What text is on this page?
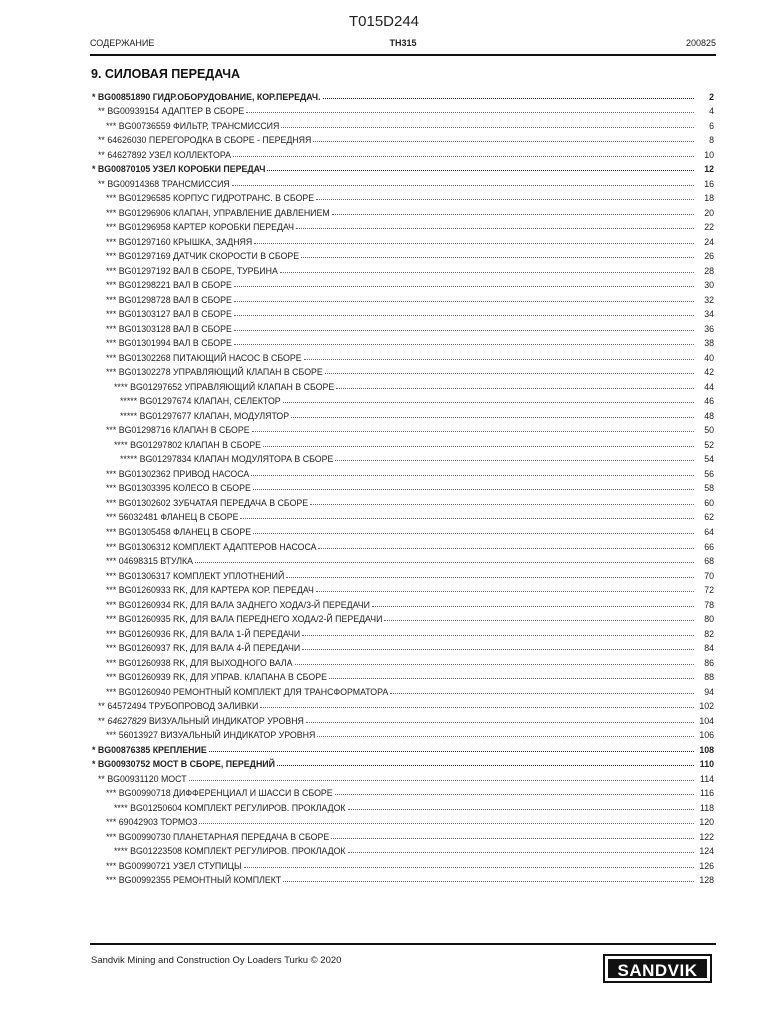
T015D244
СОДЕРЖАНИЕ	TH315	200825
9. СИЛОВАЯ ПЕРЕДАЧА
* BG00851890 ГИДР.ОБОРУДОВАНИЕ, КОР.ПЕРЕДАЧ.	2
** BG00939154 АДАПТЕР В СБОРЕ	4
*** BG00736559 ФИЛЬТР, ТРАНСМИССИЯ	6
** 64626030 ПЕРЕГОРОДКА В СБОРЕ - ПЕРЕДНЯЯ	8
** 64627892 УЗЕЛ КОЛЛЕКТОРА	10
* BG00870105 УЗЕЛ КОРОБКИ ПЕРЕДАЧ	12
** BG00914368 ТРАНСМИССИЯ	16
*** BG01296585 КОРПУС ГИДРОТРАНС. В СБОРЕ	18
*** BG01296906 КЛАПАН, УПРАВЛЕНИЕ ДАВЛЕНИЕМ	20
*** BG01296958 КАРТЕР КОРОБКИ ПЕРЕДАЧ	22
*** BG01297160 КРЫШКА, ЗАДНЯЯ	24
*** BG01297169 ДАТЧИК СКОРОСТИ В СБОРЕ	26
*** BG01297192 ВАЛ В СБОРЕ, ТУРБИНА	28
*** BG01298221 ВАЛ В СБОРЕ	30
*** BG01298728 ВАЛ В СБОРЕ	32
*** BG01303127 ВАЛ В СБОРЕ	34
*** BG01303128 ВАЛ В СБОРЕ	36
*** BG01301994 ВАЛ В СБОРЕ	38
*** BG01302268 ПИТАЮЩИЙ НАСОС В СБОРЕ	40
*** BG01302278 УПРАВЛЯЮЩИЙ КЛАПАН В СБОРЕ	42
**** BG01297652 УПРАВЛЯЮЩИЙ КЛАПАН В СБОРЕ	44
***** BG01297674 КЛАПАН, СЕЛЕКТОР	46
***** BG01297677 КЛАПАН, МОДУЛЯТОР	48
*** BG01298716 КЛАПАН В СБОРЕ	50
**** BG01297802 КЛАПАН В СБОРЕ	52
***** BG01297834 КЛАПАН МОДУЛЯТОРА В СБОРЕ	54
*** BG01302362 ПРИВОД НАСОСА	56
*** BG01303395 КОЛЕСО В СБОРЕ	58
*** BG01302602 ЗУБЧАТАЯ ПЕРЕДАЧА В СБОРЕ	60
*** 56032481 ФЛАНЕЦ В СБОРЕ	62
*** BG01305458 ФЛАНЕЦ В СБОРЕ	64
*** BG01306312 КОМПЛЕКТ АДАПТЕРОВ НАСОСА	66
*** 04698315 ВТУЛКА	68
*** BG01306317 КОМПЛЕКТ УПЛОТНЕНИЙ	70
*** BG01260933 RK, ДЛЯ КАРТЕРА КОР. ПЕРЕДАЧ	72
*** BG01260934 RK, ДЛЯ ВАЛА ЗАДНЕГО ХОДА/3-Й ПЕРЕДАЧИ	78
*** BG01260935 RK, ДЛЯ ВАЛА ПЕРЕДНЕГО ХОДА/2-Й ПЕРЕДАЧИ	80
*** BG01260936 RK, ДЛЯ ВАЛА 1-Й ПЕРЕДАЧИ	82
*** BG01260937 RK, ДЛЯ ВАЛА 4-Й ПЕРЕДАЧИ	84
*** BG01260938 RK, ДЛЯ ВЫХОДНОГО ВАЛА	86
*** BG01260939 RK, ДЛЯ УПРАВ. КЛАПАНА В СБОРЕ	88
*** BG01260940 РЕМОНТНЫЙ КОМПЛЕКТ ДЛЯ ТРАНСФОРМАТОРА	94
** 64572494 ТРУБОПРОВОД ЗАЛИВКИ	102
** 64627829 ВИЗУАЛЬНЫЙ ИНДИКАТОР УРОВНЯ	104
*** 56013927 ВИЗУАЛЬНЫЙ ИНДИКАТОР УРОВНЯ	106
* BG00876385 КРЕПЛЕНИЕ	108
* BG00930752 МОСТ В СБОРЕ, ПЕРЕДНИЙ	110
** BG00931120 МОСТ	114
*** BG00990718 ДИФФЕРЕНЦИАЛ И ШАССИ В СБОРЕ	116
**** BG01250604 КОМПЛЕКТ РЕГУЛИРОВ. ПРОКЛАДОК	118
*** 69042903 ТОРМОЗ	120
*** BG00990730 ПЛАНЕТАРНАЯ ПЕРЕДАЧА В СБОРЕ	122
**** BG01223508 КОМПЛЕКТ РЕГУЛИРОВ. ПРОКЛАДОК	124
*** BG00990721 УЗЕЛ СТУПИЦЫ	126
*** BG00992355 РЕМОНТНЫЙ КОМПЛЕКТ	128
Sandvik Mining and Construction Oy Loaders Turku © 2020
SANDVIK
